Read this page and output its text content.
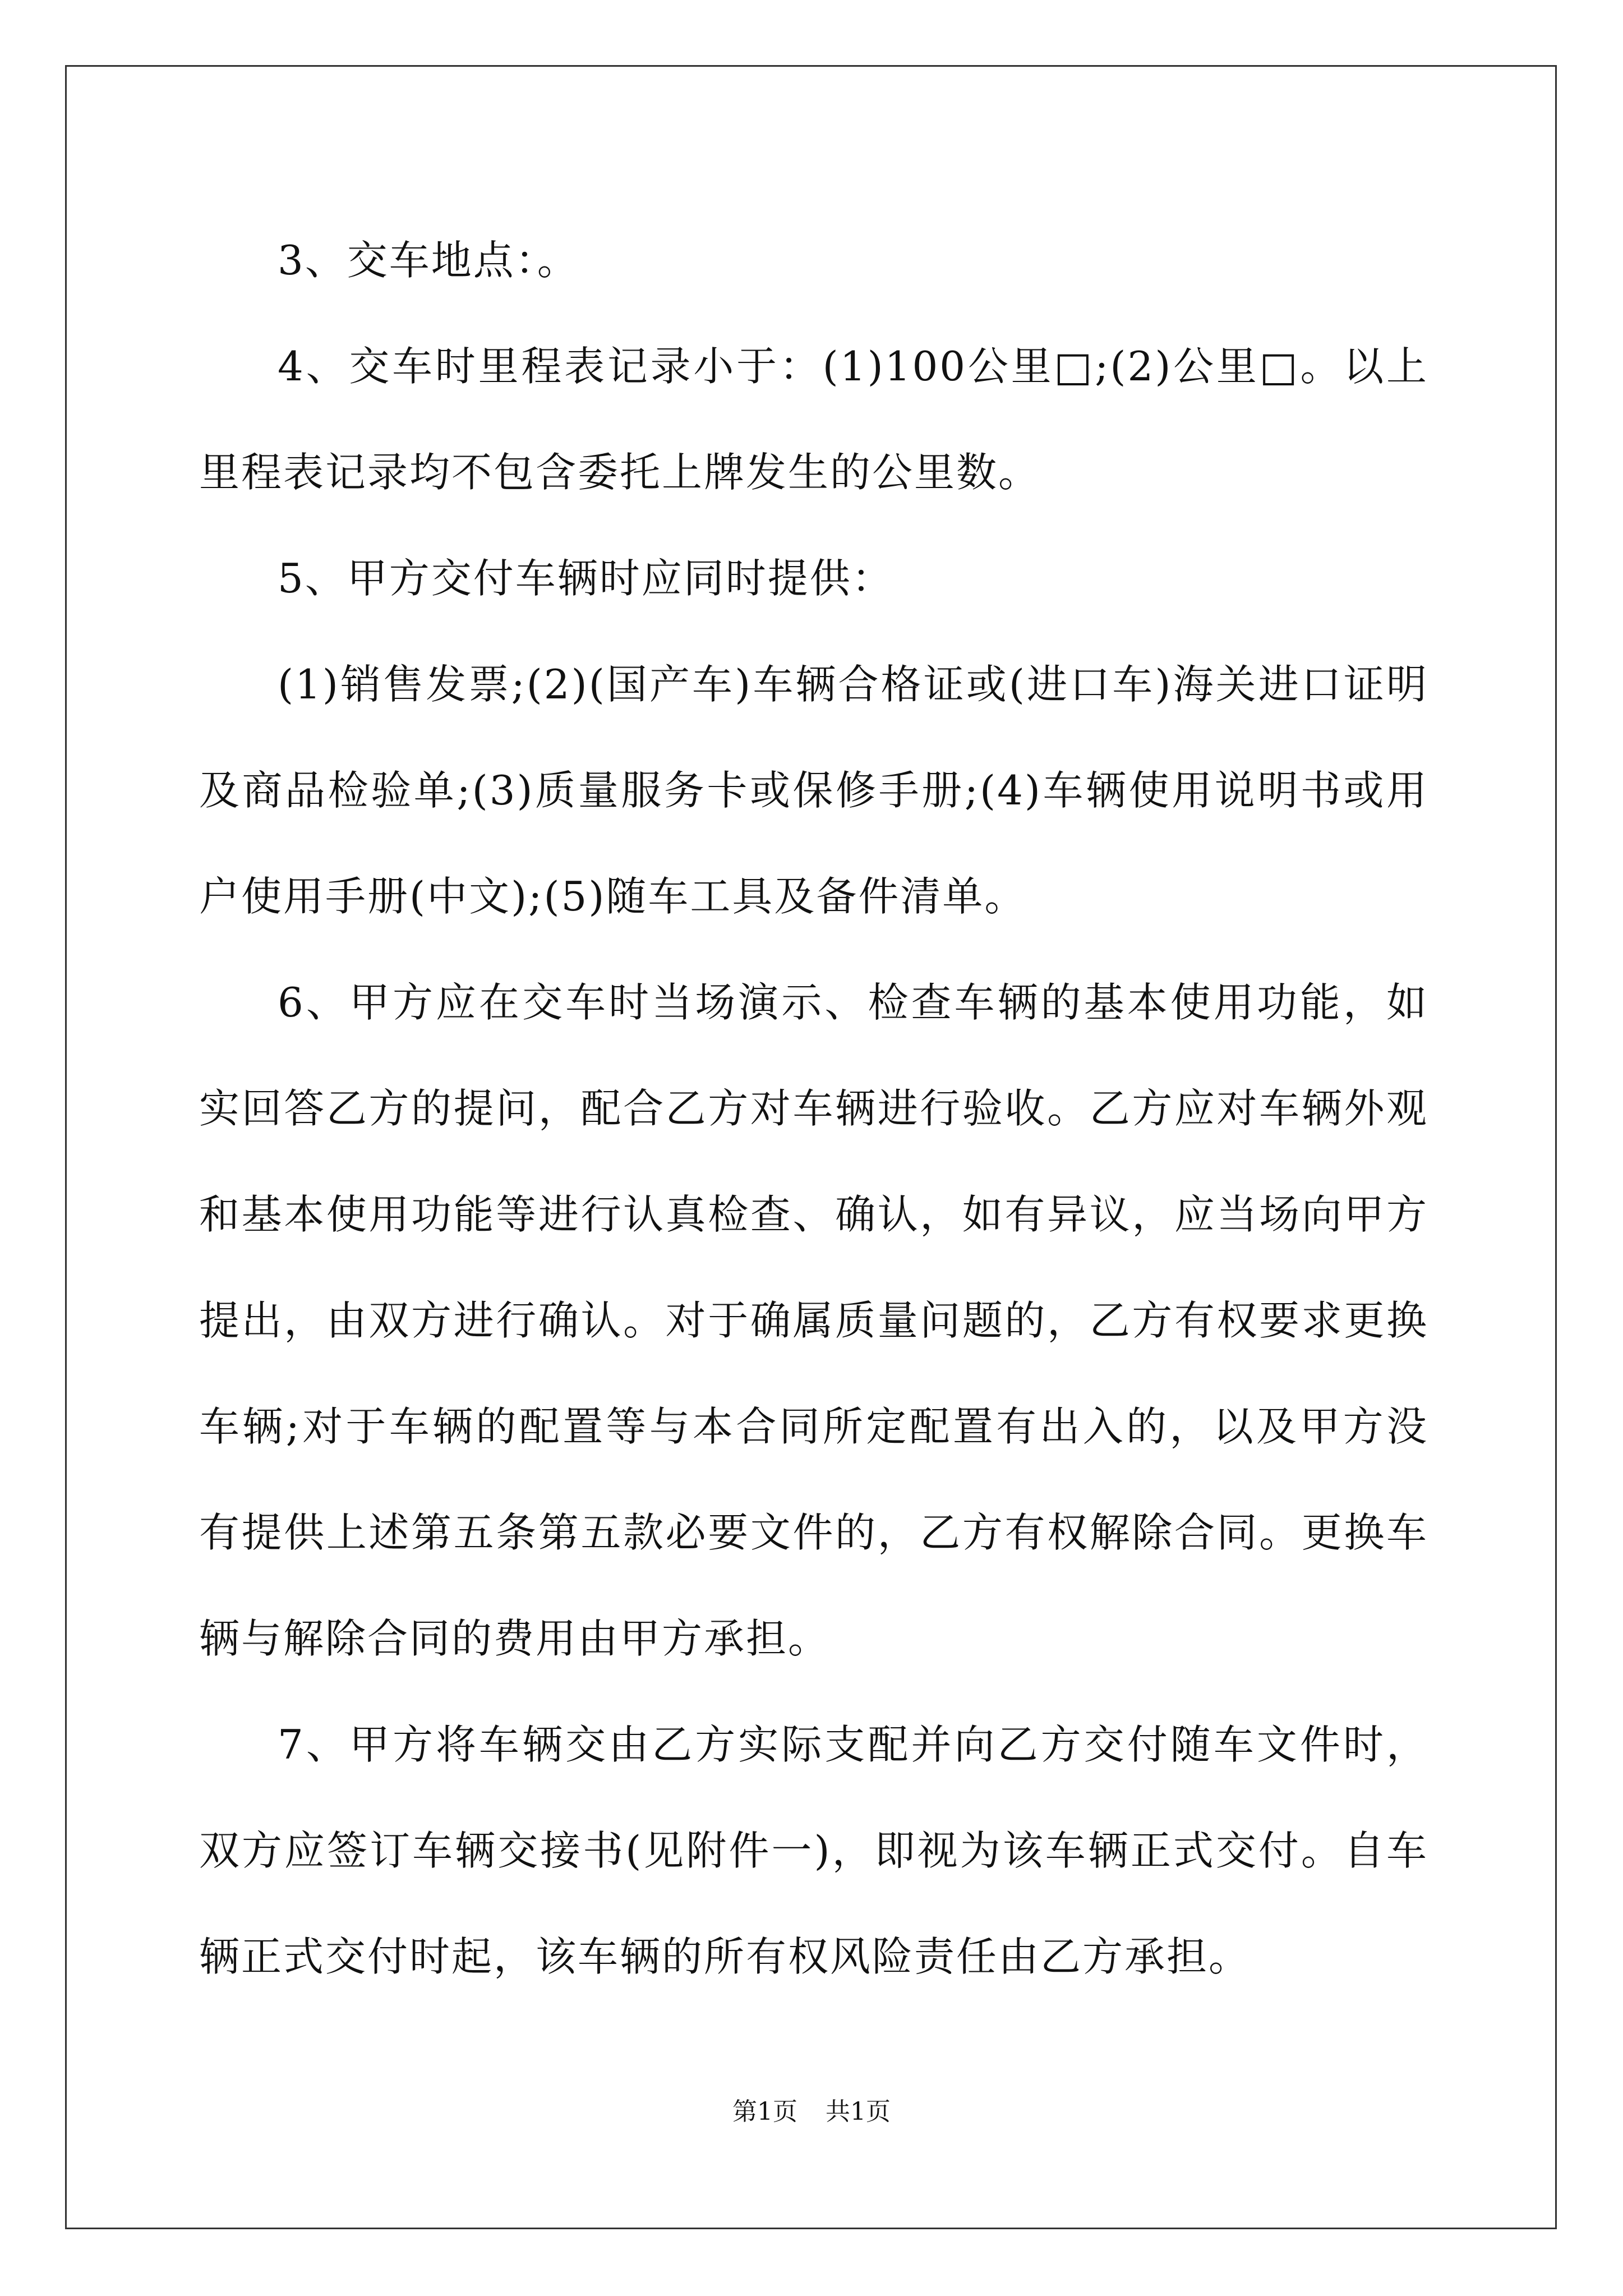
3、交车地点：。

4、交车时里程表记录小于：(1)100公里□;(2)公里□。以上里程表记录均不包含委托上牌发生的公里数。

5、甲方交付车辆时应同时提供：

(1)销售发票;(2)(国产车)车辆合格证或(进口车)海关进口证明及商品检验单;(3)质量服务卡或保修手册;(4)车辆使用说明书或用户使用手册(中文);(5)随车工具及备件清单。

6、甲方应在交车时当场演示、检查车辆的基本使用功能，如实回答乙方的提问，配合乙方对车辆进行验收。乙方应对车辆外观和基本使用功能等进行认真检查、确认，如有异议，应当场向甲方提出，由双方进行确认。对于确属质量问题的，乙方有权要求更换车辆;对于车辆的配置等与本合同所定配置有出入的，以及甲方没有提供上述第五条第五款必要文件的，乙方有权解除合同。更换车辆与解除合同的费用由甲方承担。

7、甲方将车辆交由乙方实际支配并向乙方交付随车文件时，双方应签订车辆交接书(见附件一)，即视为该车辆正式交付。自车辆正式交付时起，该车辆的所有权风险责任由乙方承担。

第1页 共1页
